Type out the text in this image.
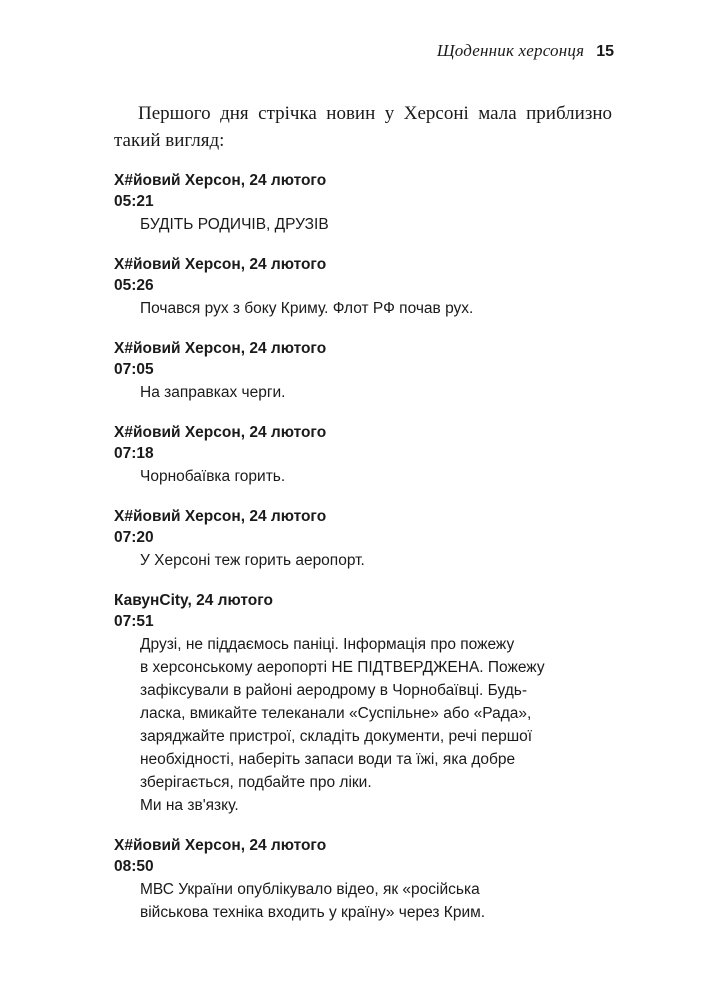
Щоденник херсонця 15

Першого дня стрічка новин у Херсоні мала приблизно такий вигляд:

Х#йовий Херсон, 24 лютого
05:21
БУДІТЬ РОДИЧІВ, ДРУЗІВ
Х#йовий Херсон, 24 лютого
05:26
Почався рух з боку Криму. Флот РФ почав рух.
Х#йовий Херсон, 24 лютого
07:05
На заправках черги.
Х#йовий Херсон, 24 лютого
07:18
Чорнобаївка горить.
Х#йовий Херсон, 24 лютого
07:20
У Херсоні теж горить аеропорт.
КавунCity, 24 лютого
07:51
Друзі, не піддаємось паніці. Інформація про пожежу
в херсонському аеропорті НЕ ПІДТВЕРДЖЕНА. Пожежу
зафіксували в районі аеродрому в Чорнобаївці. Будь-
ласка, вмикайте телеканали «Суспільне» або «Рада»,
заряджайте пристрої, складіть документи, речі першої
необхідності, наберіть запаси води та їжі, яка добре
зберігається, подбайте про ліки.
Ми на зв'язку.
Х#йовий Херсон, 24 лютого
08:50
МВС України опублікувало відео, як «російська
військова техніка входить у країну» через Крим.
